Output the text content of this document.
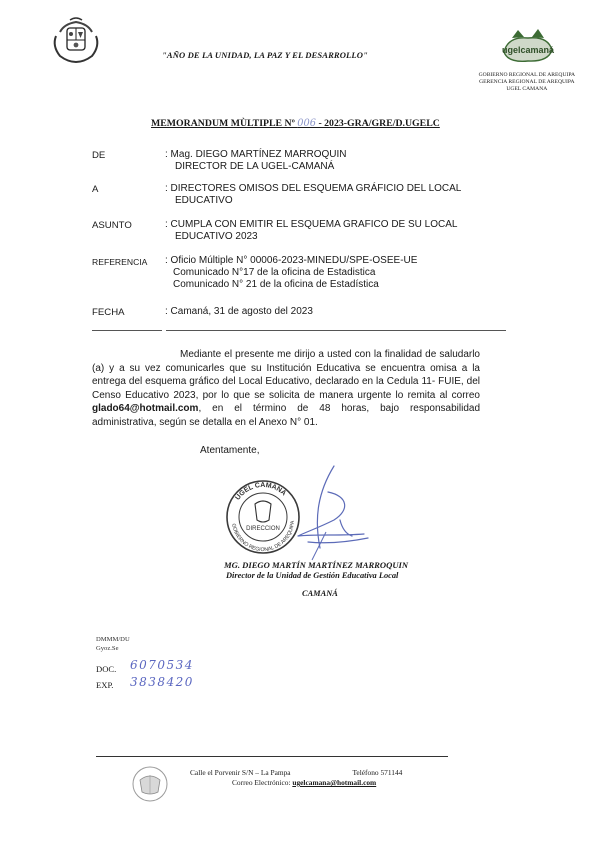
"AÑO DE LA UNIDAD, LA PAZ Y EL DESARROLLO"	ugelcamaná
GOBIERNO REGIONAL DE AREQUIPA
GERENCIA REGIONAL DE AREQUIPA
UGEL CAMANA
MEMORANDUM MÙLTIPLE Nº 006 - 2023-GRA/GRE/D.UGELC
DE	: Mag. DIEGO MARTÍNEZ MARROQUIN
DIRECTOR DE LA UGEL-CAMANÁ
A	: DIRECTORES OMISOS DEL ESQUEMA GRÁFICIO DEL LOCAL
EDUCATIVO
ASUNTO	: CUMPLA CON EMITIR EL ESQUEMA GRAFICO DE SU LOCAL
EDUCATIVO 2023
REFERENCIA : Oficio Múltiple N° 00006-2023-MINEDU/SPE-OSEE-UE
Comunicado N°17 de la oficina de Estadistica
Comunicado N° 21 de la oficina de Estadística
FECHA	: Camaná, 31 de agosto del 2023

Mediante el presente me dirijo a usted con la finalidad de saludarlo (a) y a su vez comunicarles que su Institución Educativa se encuentra omisa a la entrega del esquema gráfico del Local Educativo, declarado en la Cedula 11- FUIE, del Censo Educativo 2023, por lo que se solicita de manera urgente lo remita al correo glado64@hotmail.com, en el término de 48 horas, bajo responsabilidad administrativa, según se detalla en el Anexo N° 01.

Atentamente,
UGEL CAMANÁ
GOBIERNO REGIONAL DE AREQUIPA
DIRECCION
MG. DIEGO MARTÍN MARTÍNEZ MARROQUIN
Director de la Unidad de Gestión Educativa Local
CAMANÁ
DMMM/DU
Gyoz.Se
DOC. 6070534
EXP. 3838420
Calle el Porvenir S/N – La Pampa	Teléfono 571144
Correo Electrónico: ugelcamana@hotmail.com
